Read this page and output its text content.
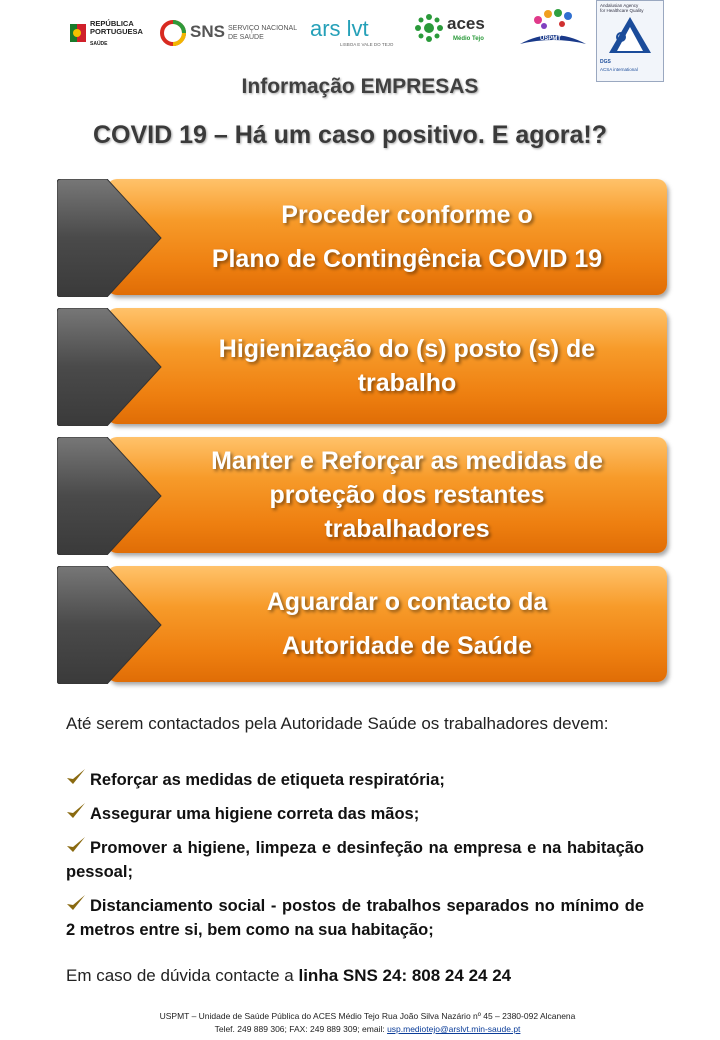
REPÚBLICA
PORTUGUESA
SAÚDE
SNS SERVIÇO NACIONAL
DE SAÚDE	ars lvt
LISBOA E VALE DO TEJO
aces
Médio Tejo	USPMT
Andalusian Agency
for Healthcare Quality
DGS
ACSA international
Informação EMPRESAS
COVID 19 – Há um caso positivo. E agora!?
Proceder conforme o
Plano de Contingência COVID 19
Higienização do (s) posto (s) de
trabalho
Manter e Reforçar as medidas de
proteção dos restantes
trabalhadores
Aguardar o contacto da
Autoridade de Saúde
Até serem contactados pela Autoridade Saúde os trabalhadores devem:
Reforçar as medidas de etiqueta respiratória;
Assegurar uma higiene correta das mãos;
Promover a higiene, limpeza e desinfeção na empresa e na habitação pessoal;
Distanciamento social - postos de trabalhos separados no mínimo de 2 metros entre si, bem como na sua habitação;
Em caso de dúvida contacte a linha SNS 24: 808 24 24 24
USPMT – Unidade de Saúde Pública do ACES Médio Tejo Rua João Silva Nazário nº 45 – 2380-092 Alcanena
Telef. 249 889 306; FAX: 249 889 309; email: usp.mediotejo@arslvt.min-saude.pt
